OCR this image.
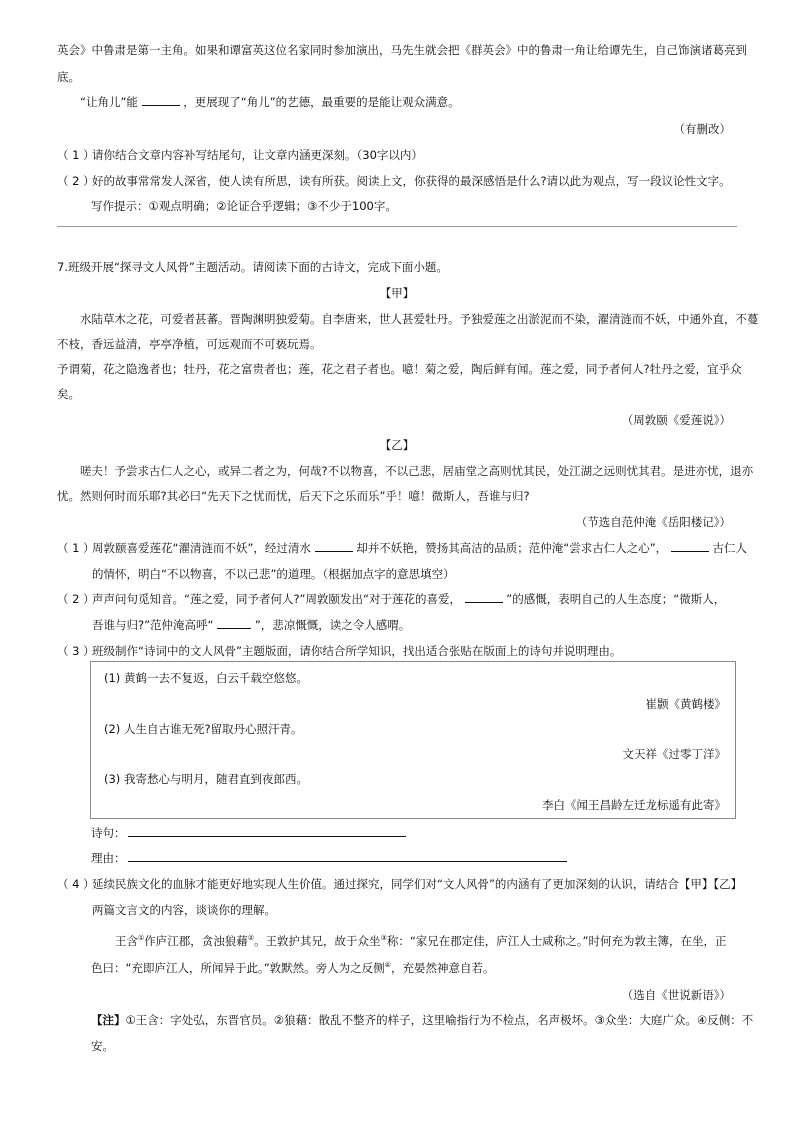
英会》中鲁肃是第一主角。如果和谭富英这位名家同时参加演出，马先生就会把《群英会》中的鲁肃一角让给谭先生，自己饰演诸葛亮到
底。
“让角儿”能	，更展现了“角儿”的艺德，最重要的是能让观众满意。
（有删改）
（ 1 ）
请你结合文章内容补写结尾句，让文章内涵更深刻。（30字以内）
（ 2 ）
好的故事常常发人深省，使人读有所思，读有所获。阅读上文，你获得的最深感悟是什么?请以此为观点，写一段议论性文字。
写作提示：①观点明确；②论证合乎逻辑；③不少于100字。
7.班级开展“探寻文人风骨”主题活动。请阅读下面的古诗文，完成下面小题。
【甲】
水陆草木之花，可爱者甚蕃。晋陶渊明独爱菊。自李唐来，世人甚爱牡丹。予独爱莲之出淤泥而不染，濯清涟而不妖，中通外直，不蔓
不枝，香远益清，亭亭净植，可远观而不可亵玩焉。
予谓菊，花之隐逸者也；牡丹，花之富贵者也；莲，花之君子者也。噫！菊之爱，陶后鲜有闻。莲之爱，同予者何人?牡丹之爱，宜乎众
矣。
（周敦颐《爱莲说》）
【乙】
嗟夫！予尝求古仁人之心，或异二者之为，何哉?不以物喜，不以己悲，居庙堂之高则忧其民，处江湖之远则忧其君。是进亦忧，退亦
忧。然则何时而乐耶?其必曰“先天下之忧而忧，后天下之乐而乐”乎！噫！微斯人，吾谁与归?
（节选自范仲淹《岳阳楼记》）
（ 1 ）
周敦颐喜爱莲花“濯清涟而不妖”，经过清水	却并不妖艳，赞扬其高洁的品质；范仲淹“尝求古仁人之心”，	古仁人
的情怀，明白“不以物喜，不以己悲”的道理。（根据加点字的意思填空）
（ 2 ）
声声问句觅知音。“莲之爱，同予者何人?”周敦颐发出“对于莲花的喜爱，	”的感慨，表明自己的人生态度；“微斯人，
吾谁与归?”范仲淹高呼“	”，悲凉慨慨，读之令人感喟。
（ 3 ）
班级制作“诗词中的文人风骨”主题版面，请你结合所学知识，找出适合张贴在版面上的诗句并说明理由。
(1) 黄鹤一去不复返，白云千载空悠悠。
崔颢《黄鹤楼》
(2) 人生自古谁无死?留取丹心照汗青。
文天祥《过零丁洋》
(3) 我寄愁心与明月，随君直到夜郎西。
李白《闻王昌龄左迁龙标遥有此寄》
诗句：
理由：
（ 4 ）
延续民族文化的血脉才能更好地实现人生价值。通过探究，同学们对“文人风骨”的内涵有了更加深刻的认识，请结合【甲】【乙】
两篇文言文的内容，谈谈你的理解。
王含①作庐江郡，贪浊狼藉②。王敦护其兄，故于众坐③称：“家兄在郡定佳，庐江人士咸称之。”时何充为敦主簿，在坐，正
色曰：“充即庐江人，所闻异于此。”敦默然。旁人为之反侧④，充晏然神意自若。
（选自《世说新语》）
【注】①王含：字处弘，东晋官员。②狼藉：散乱不整齐的样子，这里喻指行为不检点，名声极坏。③众坐：大庭广众。④反侧：不
安。
